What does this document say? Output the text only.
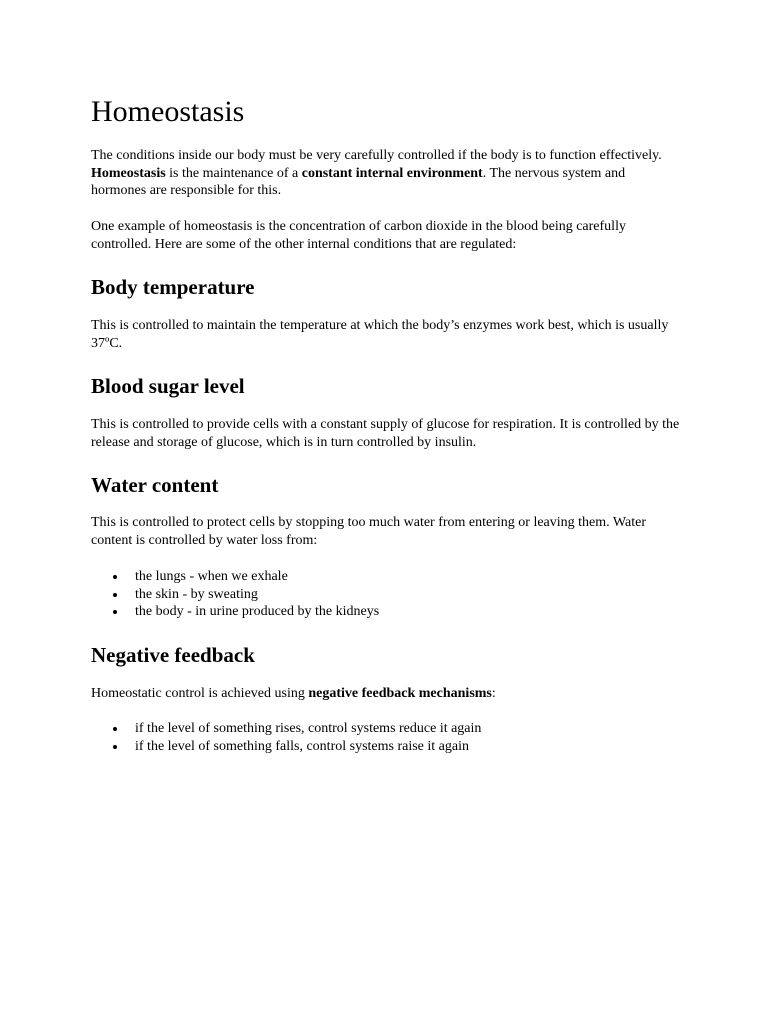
Homeostasis

The conditions inside our body must be very carefully controlled if the body is to function effectively. Homeostasis is the maintenance of a constant internal environment. The nervous system and hormones are responsible for this.

One example of homeostasis is the concentration of carbon dioxide in the blood being carefully controlled. Here are some of the other internal conditions that are regulated:

Body temperature

This is controlled to maintain the temperature at which the body’s enzymes work best, which is usually 37ºC.

Blood sugar level

This is controlled to provide cells with a constant supply of glucose for respiration. It is controlled by the release and storage of glucose, which is in turn controlled by insulin.

Water content

This is controlled to protect cells by stopping too much water from entering or leaving them. Water content is controlled by water loss from:

the lungs - when we exhale
the skin - by sweating
the body - in urine produced by the kidneys
Negative feedback

Homeostatic control is achieved using negative feedback mechanisms:

if the level of something rises, control systems reduce it again
if the level of something falls, control systems raise it again
